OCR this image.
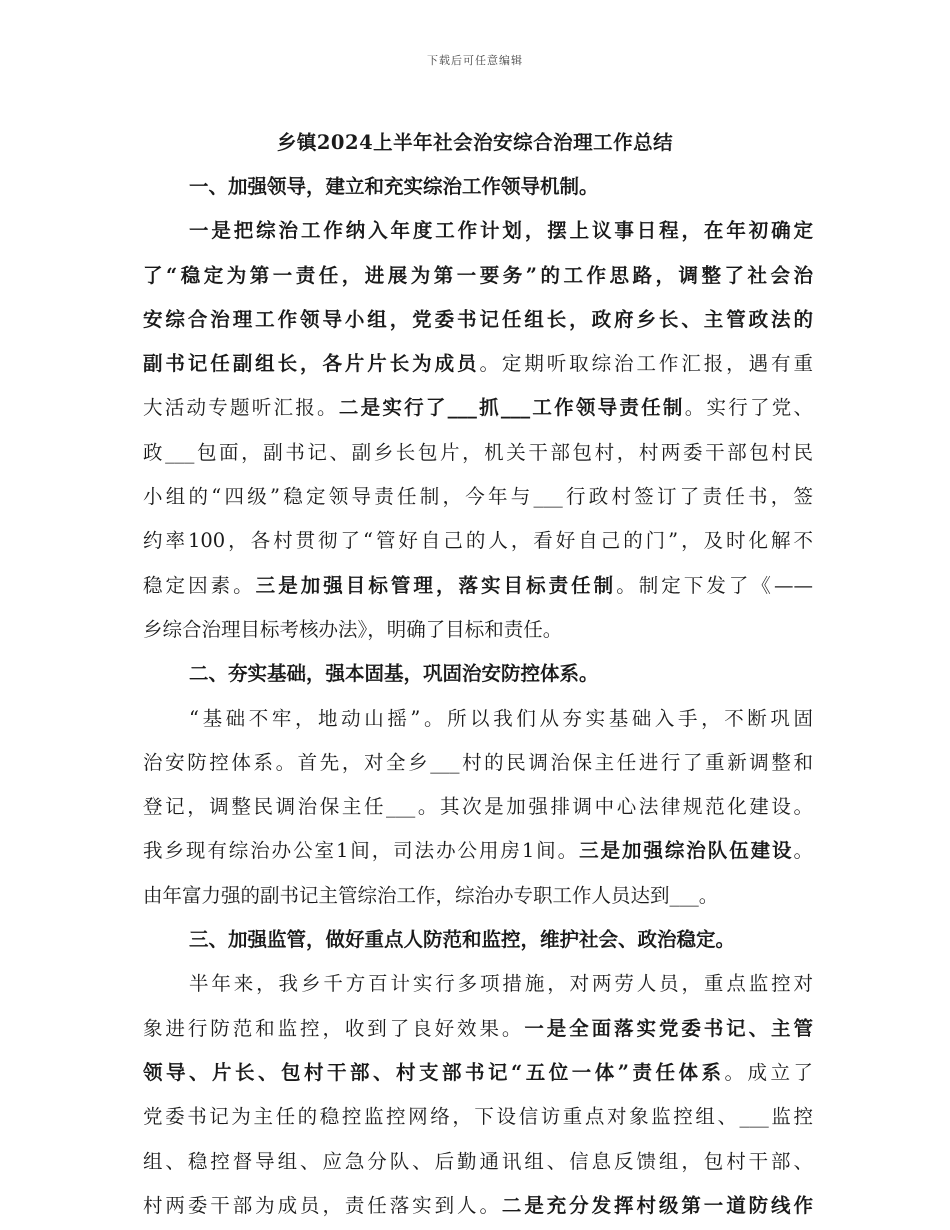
下载后可任意编辑
乡镇2024上半年社会治安综合治理工作总结
一、加强领导，建立和充实综治工作领导机制。
一是把综治工作纳入年度工作计划，摆上议事日程，在年初确定
了“稳定为第一责任，进展为第一要务”的工作思路，调整了社会治
安综合治理工作领导小组，党委书记任组长，政府乡长、主管政法的
副书记任副组长，各片片长为成员。定期听取综治工作汇报，遇有重
大活动专题听汇报。二是实行了___抓___工作领导责任制。实行了党、
政___包面，副书记、副乡长包片，机关干部包村，村两委干部包村民
小组的“四级”稳定领导责任制，今年与___行政村签订了责任书，签
约率100，各村贯彻了“管好自己的人，看好自己的门”，及时化解不
稳定因素。三是加强目标管理，落实目标责任制。制定下发了《——
乡综合治理目标考核办法》，明确了目标和责任。
二、夯实基础，强本固基，巩固治安防控体系。
“基础不牢，地动山摇”。所以我们从夯实基础入手，不断巩固
治安防控体系。首先，对全乡___村的民调治保主任进行了重新调整和
登记，调整民调治保主任___。其次是加强排调中心法律规范化建设。
我乡现有综治办公室1间，司法办公用房1间。三是加强综治队伍建设。
由年富力强的副书记主管综治工作，综治办专职工作人员达到___。
三、加强监管，做好重点人防范和监控，维护社会、政治稳定。
半年来，我乡千方百计实行多项措施，对两劳人员，重点监控对
象进行防范和监控，收到了良好效果。一是全面落实党委书记、主管
领导、片长、包村干部、村支部书记“五位一体”责任体系。成立了
党委书记为主任的稳控监控网络，下设信访重点对象监控组、___监控
组、稳控督导组、应急分队、后勤通讯组、信息反馈组，包村干部、
村两委干部为成员，责任落实到人。二是充分发挥村级第一道防线作
